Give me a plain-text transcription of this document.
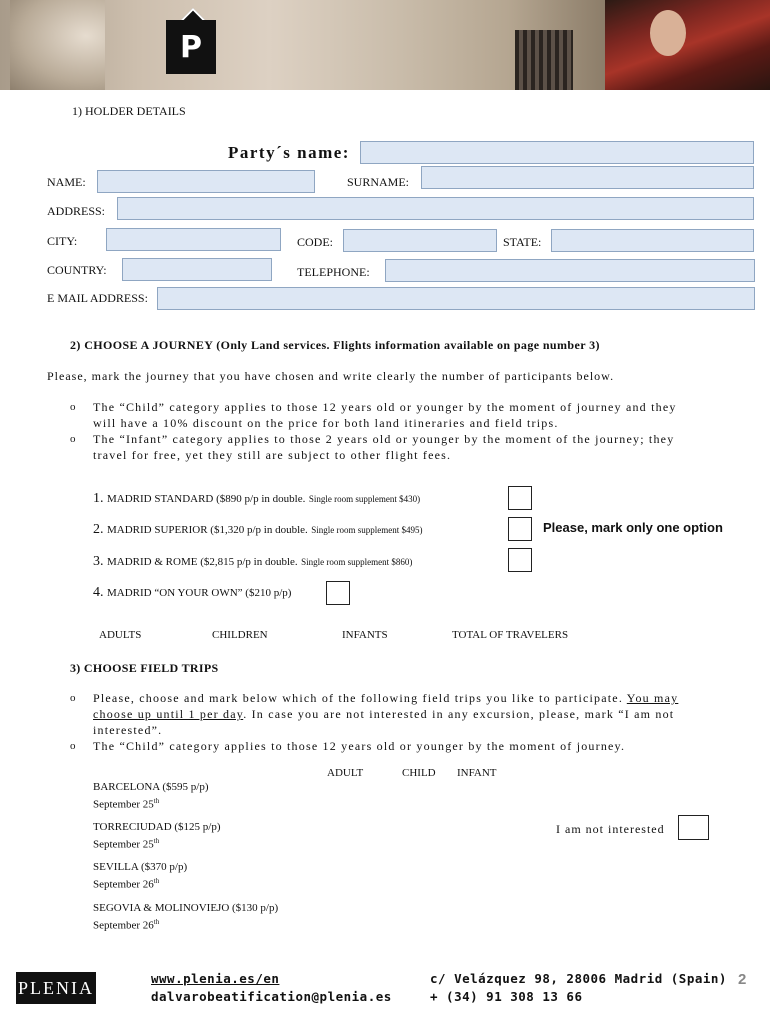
P
1) HOLDER DETAILS
Party´s name:
NAME:	SURNAME:
ADDRESS:
CITY:	CODE:	STATE:
COUNTRY:	TELEPHONE:
E MAIL ADDRESS:
2) CHOOSE A JOURNEY (Only Land services. Flights information available on page number 3)
Please, mark the journey that you have chosen and write clearly the number of participants below.
o The “Child” category applies to those 12 years old or younger by the moment of journey and they
will have a 10% discount on the price for both land itineraries and field trips.
o The “Infant” category applies to those 2 years old or younger by the moment of the journey; they
travel for free, yet they still are subject to other flight fees.
1. MADRID STANDARD ($890 p/p in double. Single room supplement $430)
2. MADRID SUPERIOR ($1,320 p/p in double. Single room supplement $495)	Please, mark only one option
3. MADRID & ROME ($2,815 p/p in double. Single room supplement $860)
4. MADRID “ON YOUR OWN” ($210 p/p)
ADULTS	CHILDREN	INFANTS	TOTAL OF TRAVELERS
3) CHOOSE FIELD TRIPS
o Please, choose and mark below which of the following field trips you like to participate. You may
choose up until 1 per day. In case you are not interested in any excursion, please, mark “I am not
interested”.
o The “Child” category applies to those 12 years old or younger by the moment of journey.
ADULT	CHILD INFANT
BARCELONA ($595 p/p)
September 25th
TORRECIUDAD ($125 p/p)
September 25th
I am not interested
SEVILLA ($370 p/p)
September 26th
SEGOVIA & MOLINOVIEJO ($130 p/p)
September 26th
PLENIA	www.plenia.es/en
dalvarobeatification@plenia.es
c/ Velázquez 98, 28006 Madrid (Spain)
+ (34) 91 308 13 66
2
